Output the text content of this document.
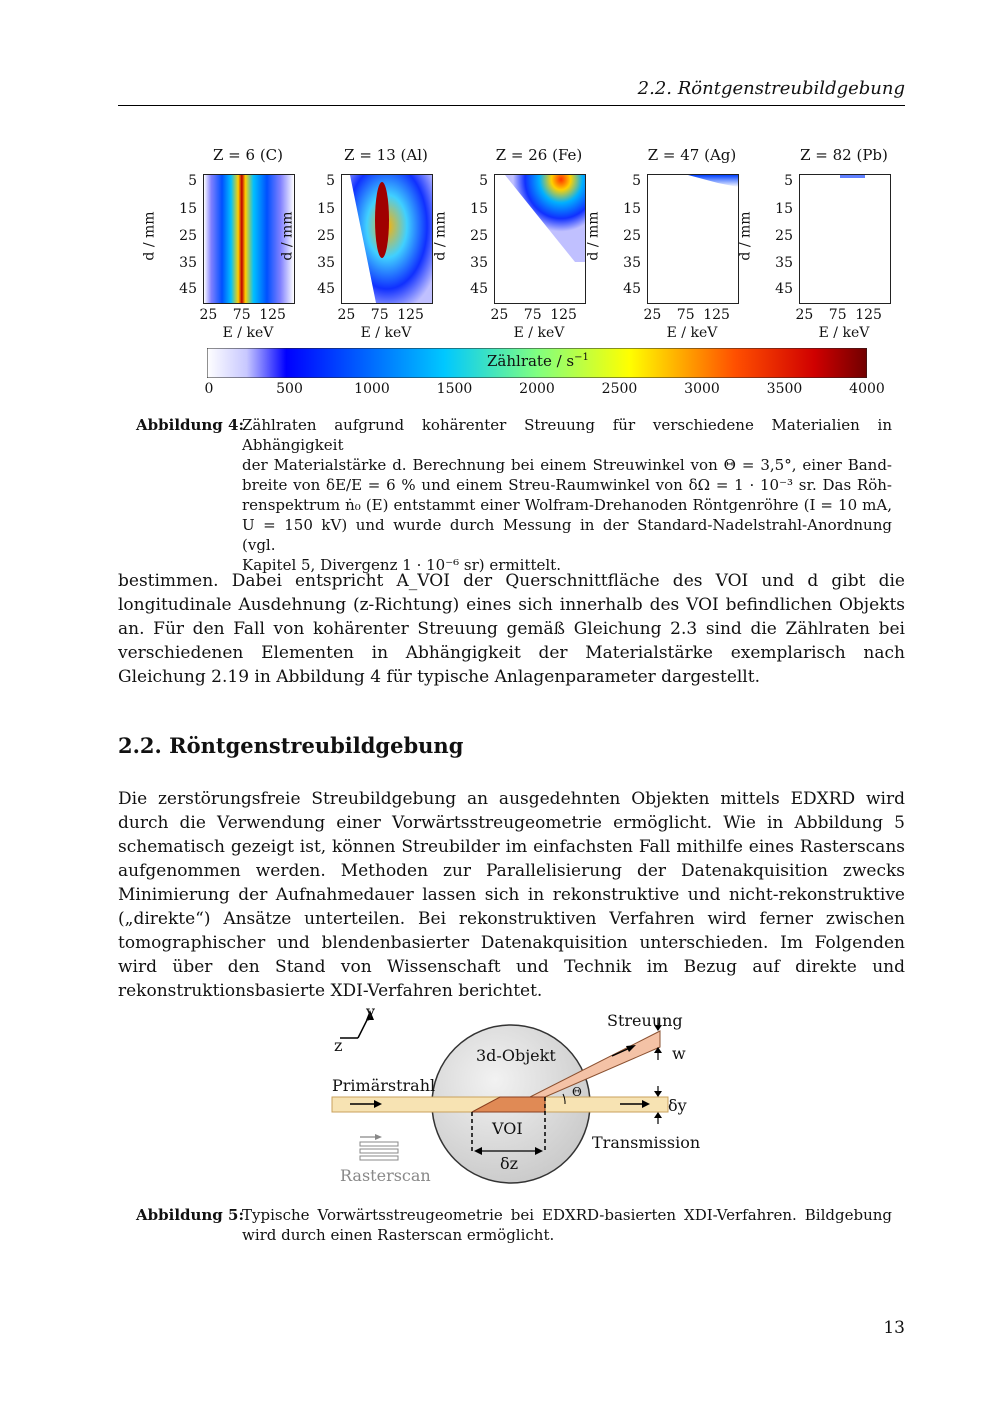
2.2. Röntgenstreubildgebung
Z = 6 (C)
d / mm
5
15
25
35
45
25 75 125
E / keV
Z = 13 (Al)
d / mm
5
15
25
35
45
25 75 125
E / keV
Z = 26 (Fe)
d / mm
5
15
25
35
45
25 75 125
E / keV
Z = 47 (Ag)
d / mm
5
15
25
35
45
25 75 125
E / keV
Z = 82 (Pb)
d / mm
5
15
25
35
45
25 75 125
E / keV
Zählrate / $s^{-1}$
0	500	1000	1500	2000	2500	3000	3500	4000
Abbildung 4:
Zählraten aufgrund kohärenter Streuung für verschiedene Materialien in Abhängigkeit
der Materialstärke d. Berechnung bei einem Streuwinkel von Θ = 3,5°, einer Band-
breite von δE/E = 6 % und einem Streu-Raumwinkel von δΩ = 1 · 10⁻³ sr. Das Röh-
renspektrum ṅ₀ (E) entstammt einer Wolfram-Drehanoden Röntgenröhre (I = 10 mA,
U = 150 kV) und wurde durch Messung in der Standard-Nadelstrahl-Anordnung (vgl.
Kapitel 5, Divergenz 1 · 10⁻⁶ sr) ermittelt.
bestimmen. Dabei entspricht A_VOI der Querschnittfläche des VOI und d gibt die longitudinale Ausdehnung (z-Richtung) eines sich innerhalb des VOI befindlichen Objekts an. Für den Fall von kohärenter Streuung gemäß Gleichung 2.3 sind die Zählraten bei verschiedenen Elementen in Abhängigkeit der Materialstärke exemplarisch nach Gleichung 2.19 in Abbildung 4 für typische Anlagenparameter dargestellt.
2.2. Röntgenstreubildgebung
Die zerstörungsfreie Streubildgebung an ausgedehnten Objekten mittels EDXRD wird durch die Verwendung einer Vorwärtsstreugeometrie ermöglicht. Wie in Abbildung 5 schematisch gezeigt ist, können Streubilder im einfachsten Fall mithilfe eines Rasterscans aufgenommen werden. Methoden zur Parallelisierung der Datenakquisition zwecks Minimierung der Aufnahmedauer lassen sich in rekonstruktive und nicht-rekonstruktive („direkte“) Ansätze unterteilen. Bei rekonstruktiven Verfahren wird ferner zwischen tomographischer und blendenbasierter Datenakquisition unterschieden. Im Folgenden wird über den Stand von Wissenschaft und Technik im Bezug auf direkte und rekonstruktionsbasierte XDI-Verfahren berichtet.
y
z
3d-Objekt
Primärstrahl
Streuung
w
δy
Θ
VOI
δz
Transmission
Rasterscan
Abbildung 5:
Typische Vorwärtsstreugeometrie bei EDXRD-basierten XDI-Verfahren. Bildgebung
wird durch einen Rasterscan ermöglicht.
13
